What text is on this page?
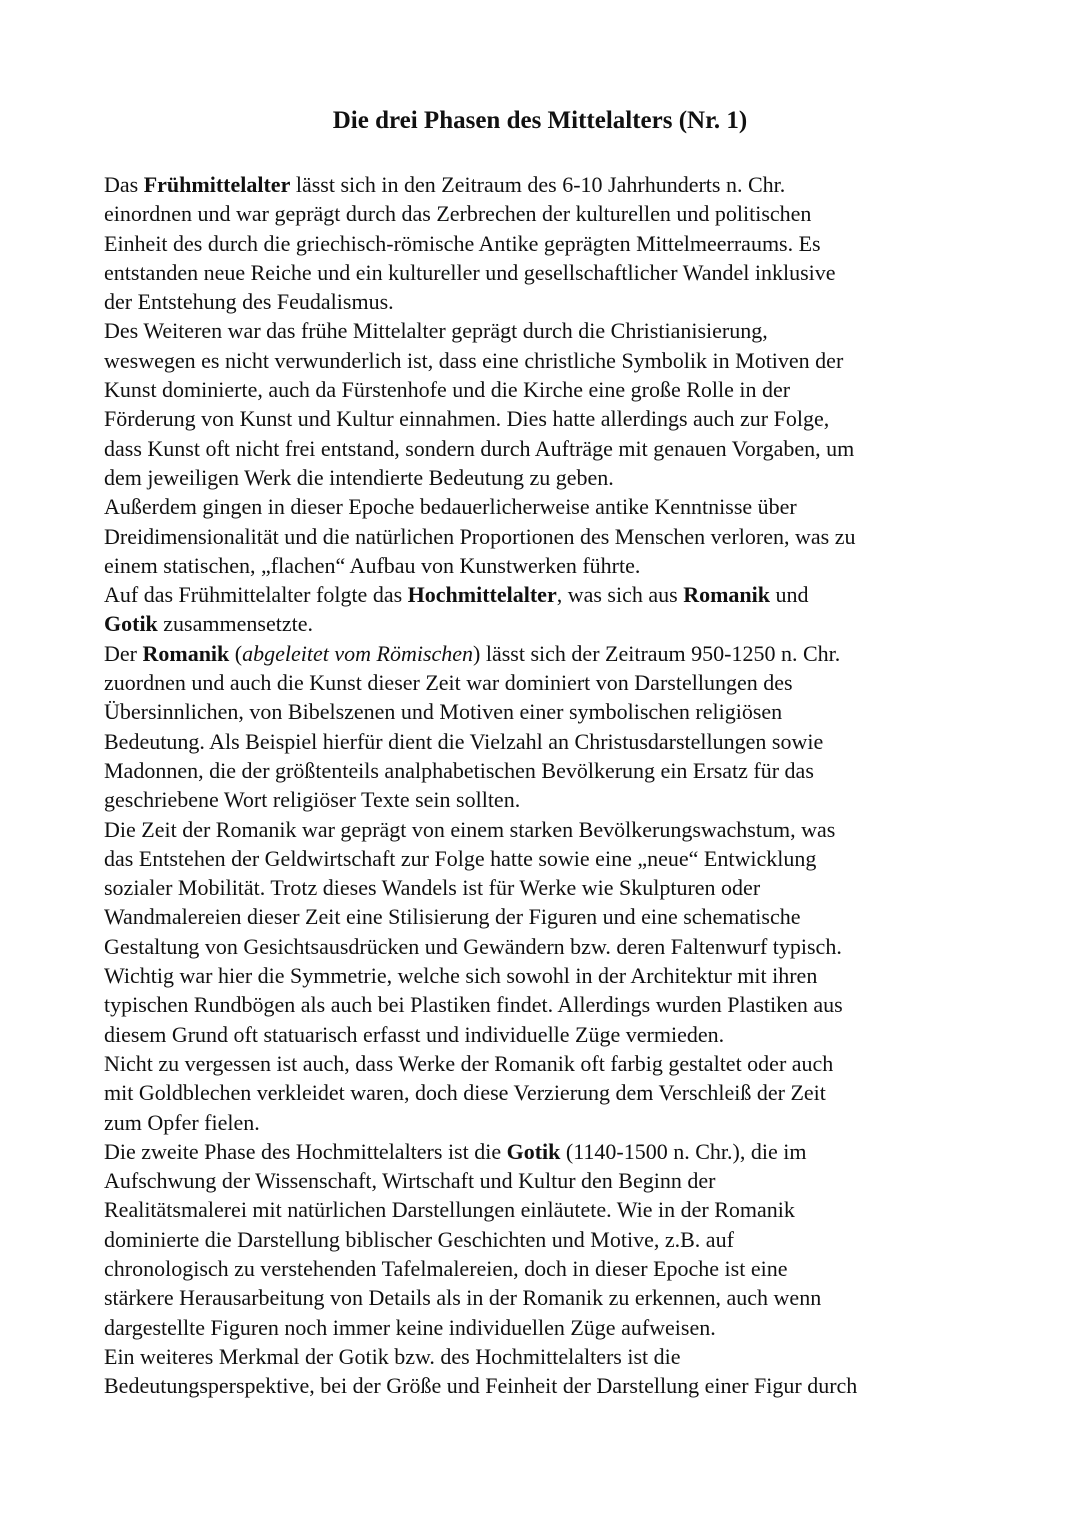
Die drei Phasen des Mittelalters (Nr. 1)
Das Frühmittelalter lässt sich in den Zeitraum des 6-10 Jahrhunderts n. Chr.
einordnen und war geprägt durch das Zerbrechen der kulturellen und politischen
Einheit des durch die griechisch-römische Antike geprägten Mittelmeerraums. Es
entstanden neue Reiche und ein kultureller und gesellschaftlicher Wandel inklusive
der Entstehung des Feudalismus.
Des Weiteren war das frühe Mittelalter geprägt durch die Christianisierung,
weswegen es nicht verwunderlich ist, dass eine christliche Symbolik in Motiven der
Kunst dominierte, auch da Fürstenhofe und die Kirche eine große Rolle in der
Förderung von Kunst und Kultur einnahmen. Dies hatte allerdings auch zur Folge,
dass Kunst oft nicht frei entstand, sondern durch Aufträge mit genauen Vorgaben, um
dem jeweiligen Werk die intendierte Bedeutung zu geben.
Außerdem gingen in dieser Epoche bedauerlicherweise antike Kenntnisse über
Dreidimensionalität und die natürlichen Proportionen des Menschen verloren, was zu
einem statischen, „flachen“ Aufbau von Kunstwerken führte.
Auf das Frühmittelalter folgte das Hochmittelalter, was sich aus Romanik und
Gotik zusammensetzte.
Der Romanik (abgeleitet vom Römischen) lässt sich der Zeitraum 950-1250 n. Chr.
zuordnen und auch die Kunst dieser Zeit war dominiert von Darstellungen des
Übersinnlichen, von Bibelszenen und Motiven einer symbolischen religiösen
Bedeutung. Als Beispiel hierfür dient die Vielzahl an Christusdarstellungen sowie
Madonnen, die der größtenteils analphabetischen Bevölkerung ein Ersatz für das
geschriebene Wort religiöser Texte sein sollten.
Die Zeit der Romanik war geprägt von einem starken Bevölkerungswachstum, was
das Entstehen der Geldwirtschaft zur Folge hatte sowie eine „neue“ Entwicklung
sozialer Mobilität. Trotz dieses Wandels ist für Werke wie Skulpturen oder
Wandmalereien dieser Zeit eine Stilisierung der Figuren und eine schematische
Gestaltung von Gesichtsausdrücken und Gewändern bzw. deren Faltenwurf typisch.
Wichtig war hier die Symmetrie, welche sich sowohl in der Architektur mit ihren
typischen Rundbögen als auch bei Plastiken findet. Allerdings wurden Plastiken aus
diesem Grund oft statuarisch erfasst und individuelle Züge vermieden.
Nicht zu vergessen ist auch, dass Werke der Romanik oft farbig gestaltet oder auch
mit Goldblechen verkleidet waren, doch diese Verzierung dem Verschleiß der Zeit
zum Opfer fielen.
Die zweite Phase des Hochmittelalters ist die Gotik (1140-1500 n. Chr.), die im
Aufschwung der Wissenschaft, Wirtschaft und Kultur den Beginn der
Realitätsmalerei mit natürlichen Darstellungen einläutete. Wie in der Romanik
dominierte die Darstellung biblischer Geschichten und Motive, z.B. auf
chronologisch zu verstehenden Tafelmalereien, doch in dieser Epoche ist eine
stärkere Herausarbeitung von Details als in der Romanik zu erkennen, auch wenn
dargestellte Figuren noch immer keine individuellen Züge aufweisen.
Ein weiteres Merkmal der Gotik bzw. des Hochmittelalters ist die
Bedeutungsperspektive, bei der Größe und Feinheit der Darstellung einer Figur durch
